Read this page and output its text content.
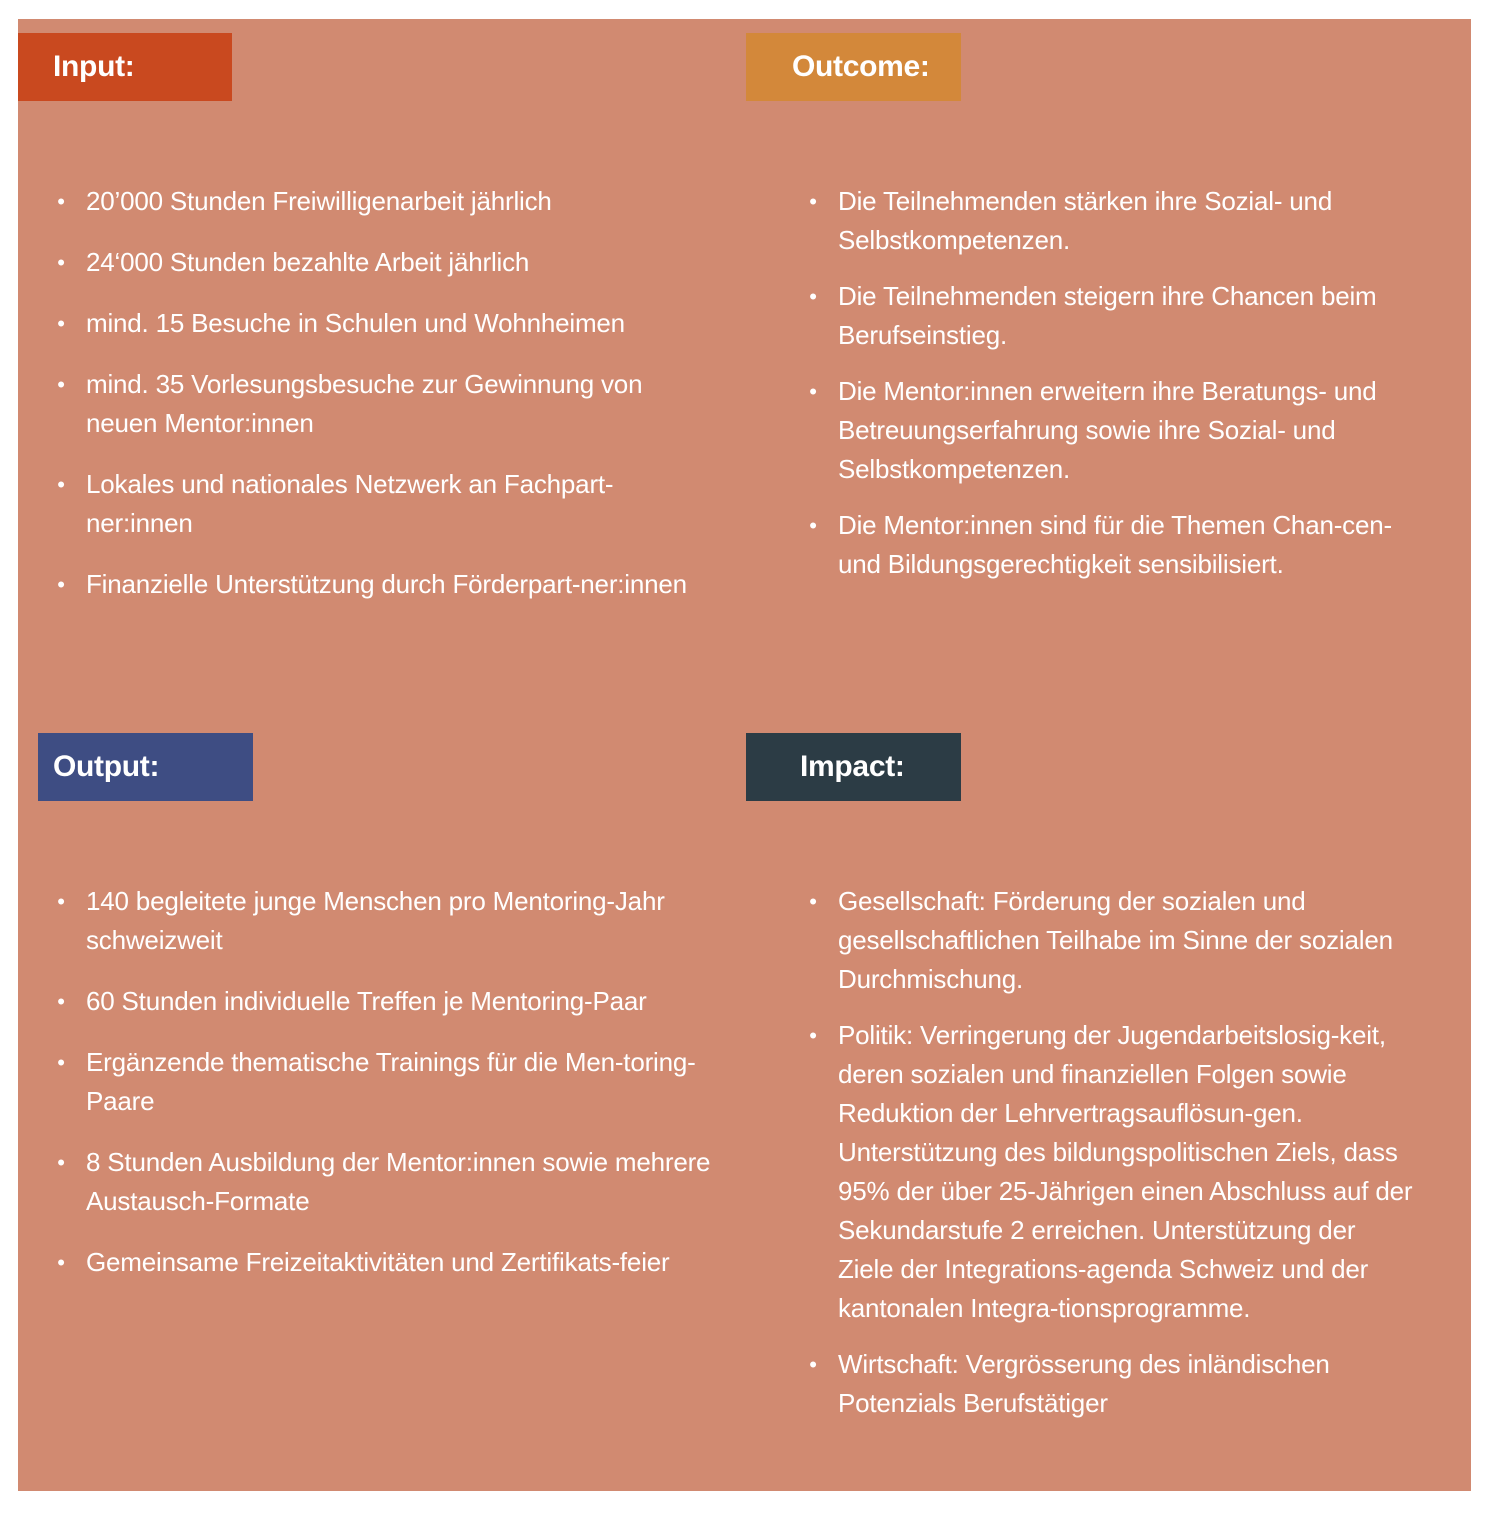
Input:	Outcome:
Output:	Impact:
• 20’000 Stunden Freiwilligenarbeit jährlich
• 24‘000 Stunden bezahlte Arbeit jährlich
• mind. 15 Besuche in Schulen und Wohnheimen
• mind. 35 Vorlesungsbesuche zur Gewinnung von neuen Mentor:innen
• Lokales und nationales Netzwerk an Fachpart-ner:innen
• Finanzielle Unterstützung durch Förderpart-ner:innen
• Die Teilnehmenden stärken ihre Sozial- und Selbstkompetenzen.
• Die Teilnehmenden steigern ihre Chancen beim Berufseinstieg.
• Die Mentor:innen erweitern ihre Beratungs- und Betreuungserfahrung sowie ihre Sozial- und Selbstkompetenzen.
• Die Mentor:innen sind für die Themen Chan-cen- und Bildungsgerechtigkeit sensibilisiert.
• 140 begleitete junge Menschen pro Mentoring-Jahr schweizweit
• 60 Stunden individuelle Treffen je Mentoring-Paar
• Ergänzende thematische Trainings für die Men-toring-Paare
• 8 Stunden Ausbildung der Mentor:innen sowie mehrere Austausch-Formate
• Gemeinsame Freizeitaktivitäten und Zertifikats-feier
• Gesellschaft: Förderung der sozialen und gesellschaftlichen Teilhabe im Sinne der sozialen Durchmischung.
• Politik: Verringerung der Jugendarbeitslosig-keit, deren sozialen und finanziellen Folgen sowie Reduktion der Lehrvertragsauflösun-gen. Unterstützung des bildungspolitischen Ziels, dass 95% der über 25-Jährigen einen Abschluss auf der Sekundarstufe 2 erreichen. Unterstützung der Ziele der Integrations-agenda Schweiz und der kantonalen Integra-tionsprogramme.
• Wirtschaft: Vergrösserung des inländischen Potenzials Berufstätiger
